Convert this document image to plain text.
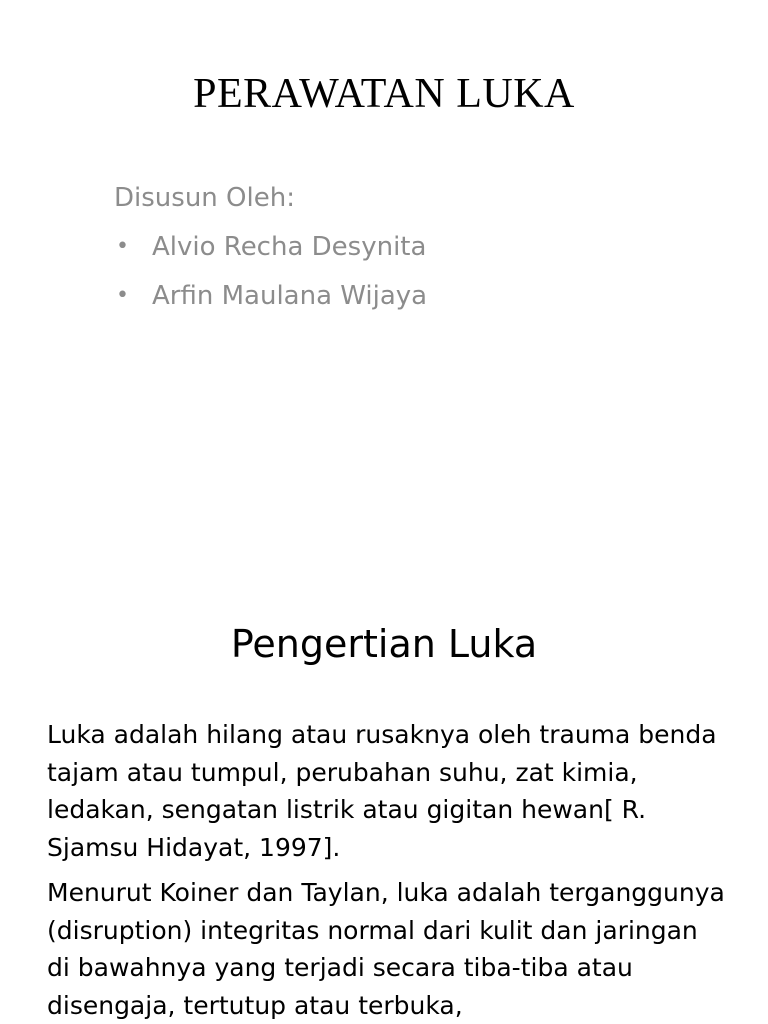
PERAWATAN LUKA

Disusun Oleh:

• Alvio Recha Desynita
• Arfin Maulana Wijaya
Pengertian Luka

Luka adalah hilang atau rusaknya oleh trauma benda tajam atau tumpul, perubahan suhu, zat kimia, ledakan, sengatan listrik atau gigitan hewan[ R. Sjamsu Hidayat, 1997].

Menurut Koiner dan Taylan, luka adalah terganggunya (disruption) integritas normal dari kulit dan jaringan di bawahnya yang terjadi secara tiba-tiba atau disengaja, tertutup atau terbuka,
